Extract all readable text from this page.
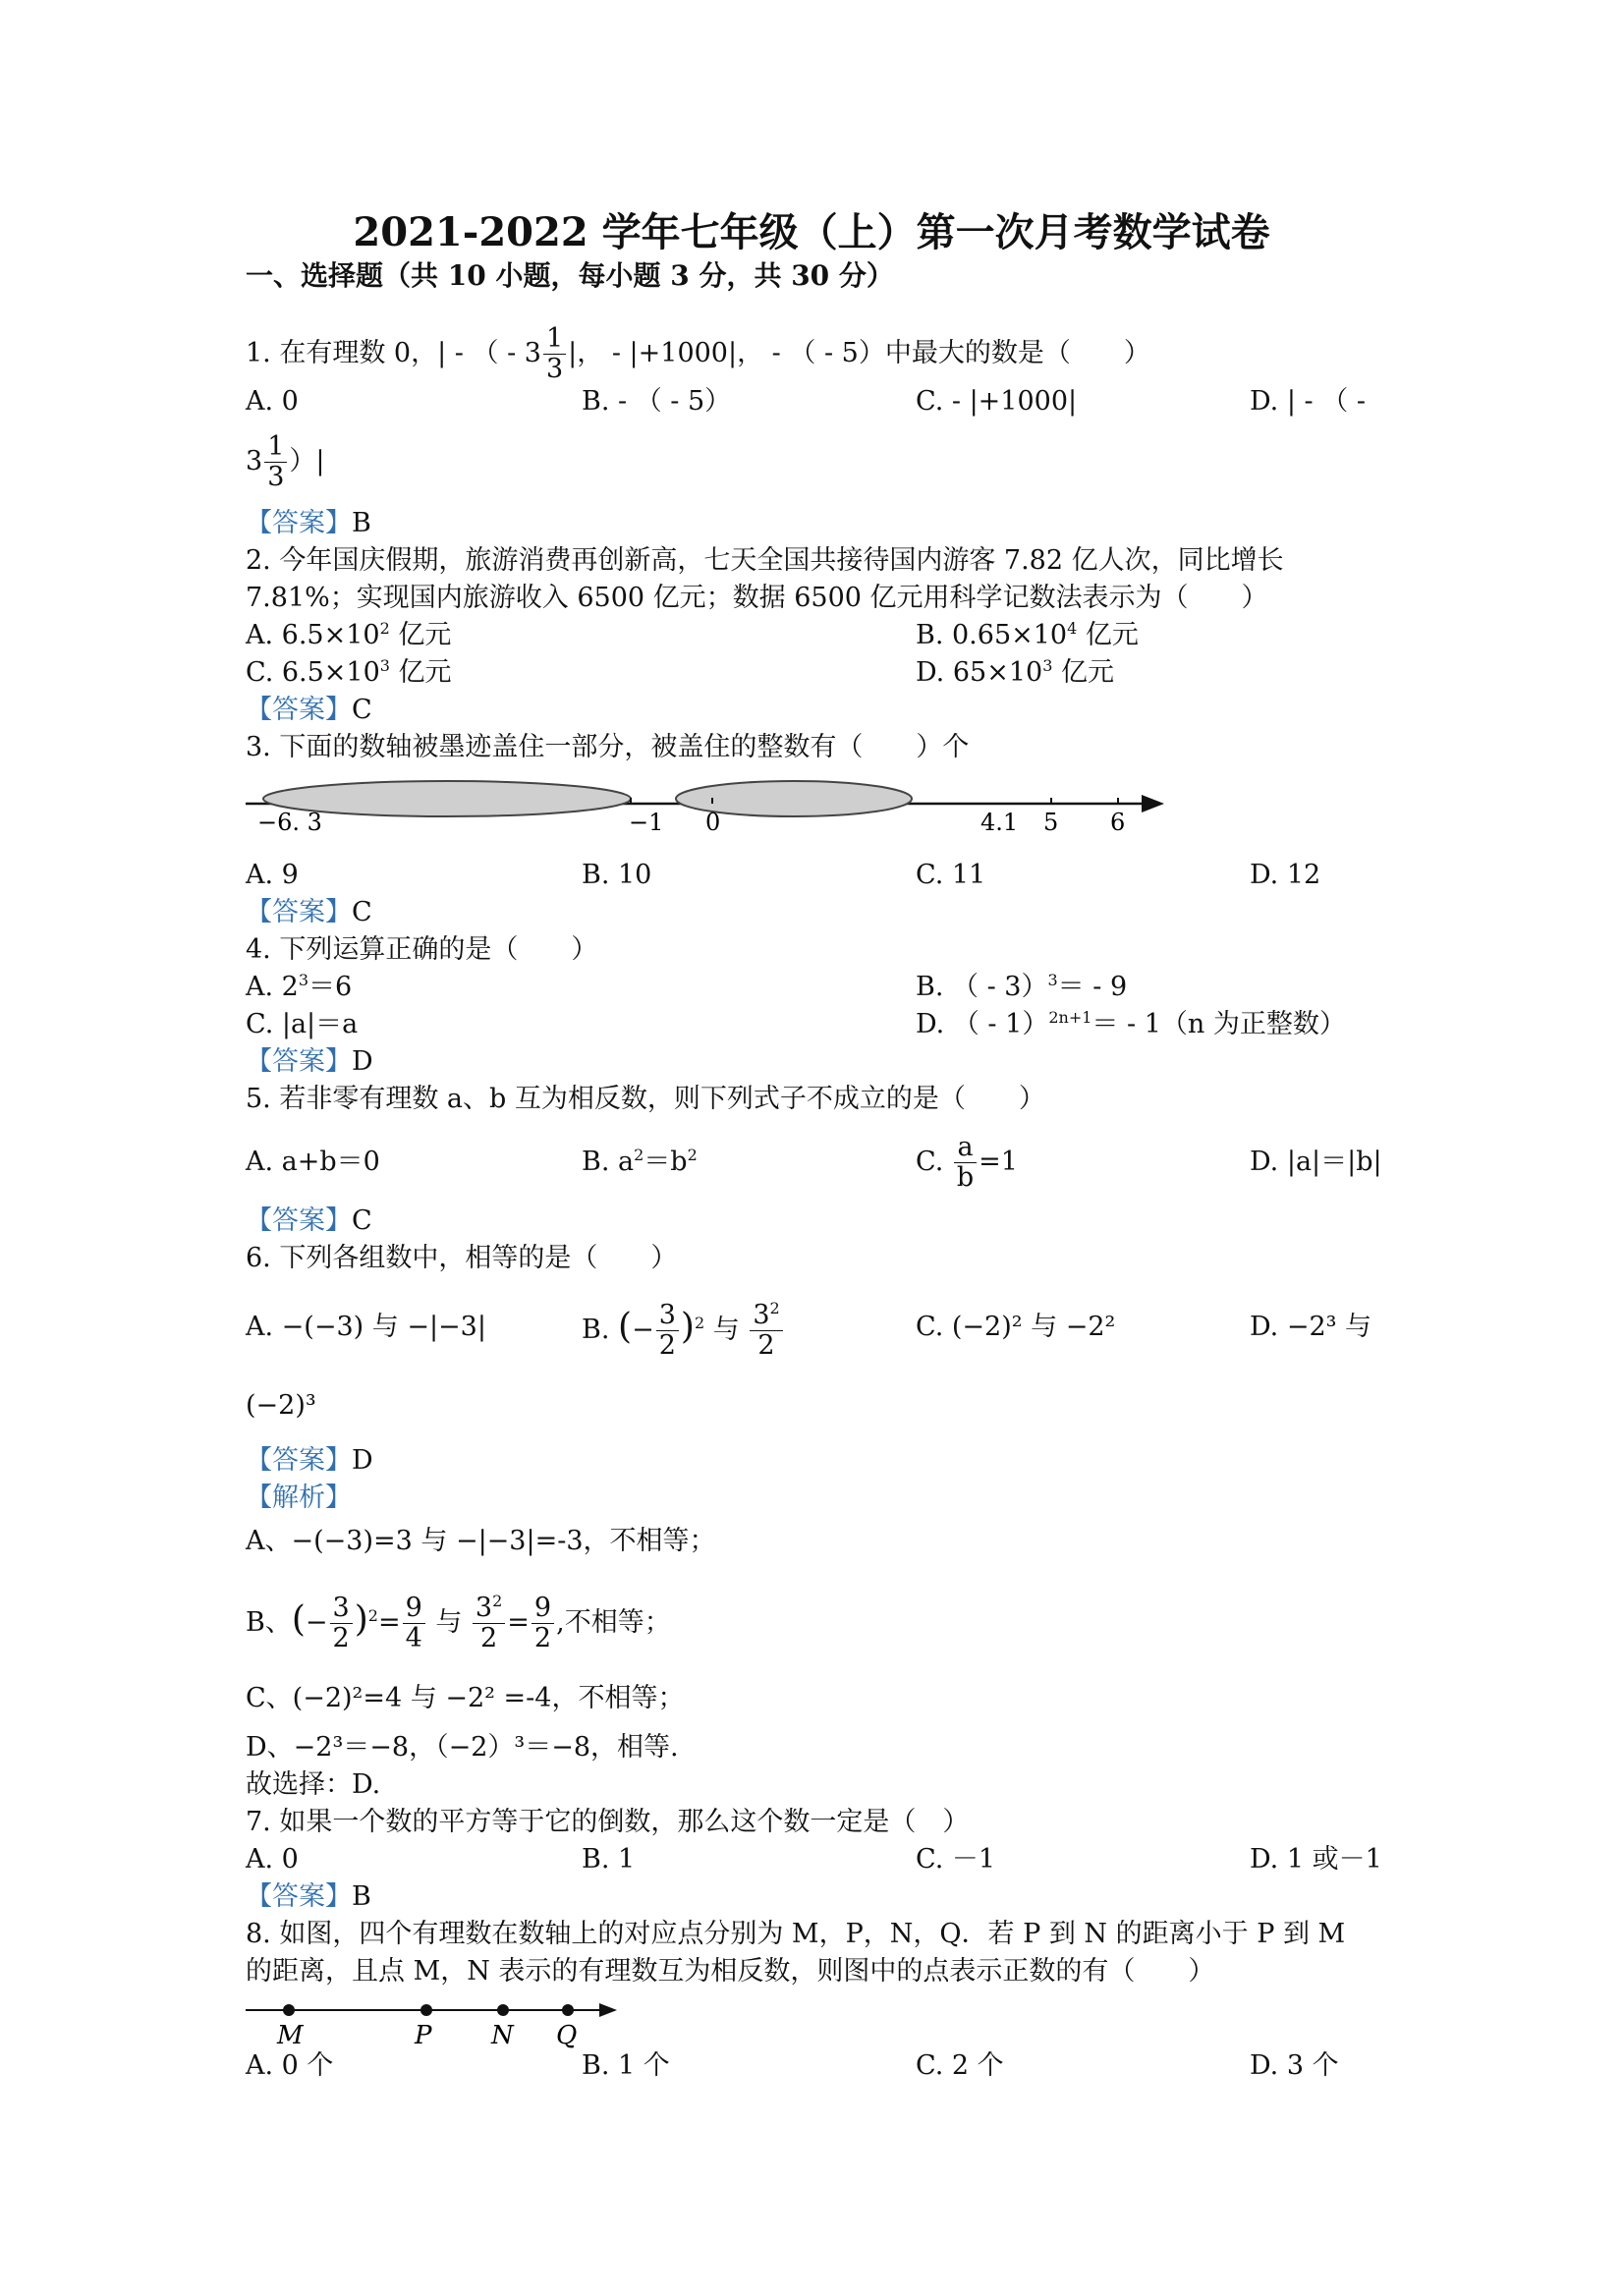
2021-2022 学年七年级（上）第一次月考数学试卷
一、选择题（共 10 小题，每小题 3 分，共 30 分）
1. 在有理数 0，| - （ - $3 \frac{1}{3}$ |， - |+1000|， - （ - 5）中最大的数是（　　）
A. 0	B. - （ - 5）	C. - |+1000|	D. | - （ -
$3 \frac{1}{3}$ ）|
【答案】B
2. 今年国庆假期，旅游消费再创新高，七天全国共接待国内游客 7.82 亿人次，同比增长
7.81%；实现国内旅游收入 6500 亿元；数据 6500 亿元用科学记数法表示为（　　）
A. $6.5\times 10^2$ 亿元	B. $0.65\times 10^4$ 亿元
C. $6.5\times 10^3$ 亿元	D. $65\times 10^3$ 亿元
【答案】C
3. 下面的数轴被墨迹盖住一部分，被盖住的整数有（　　）个
−6. 3	−1 0	4.1 5 6
A. 9	B. 10	C. 11	D. 12
【答案】C
4. 下列运算正确的是（　　）
A. $2^3=6$	B. （ - 3）$^3$＝ - 9
C. |a|＝a	D. （ - 1）$^{2n+1}$＝ - 1（n 为正整数）
【答案】D
5. 若非零有理数 a、b 互为相反数，则下列式子不成立的是（　　）
A. a+b＝0	B. $a^2=b^2$	C. $\frac{a}{b} =1$	D. |a|＝|b|
【答案】C
6. 下列各组数中，相等的是（　　）
A. −(−3) 与 −|−3|	B. (− $\frac{3}{2} )^2$ 与 $\frac{3^2}{2}$	C. (−2)² 与 −2²	D. −2³ 与
(−2)³
【答案】D
【解析】
A、−(−3)=3 与 −|−3|=-3，不相等；
B、(− $\frac{3}{2} )^2= \frac{9}{4}$ 与 $\frac{3^2}{2} = \frac{9}{2}$ ,不相等；
C、(−2)²=4 与 −2² =-4，不相等；
D、−2³＝−8，（−2）³＝−8，相等.
故选择：D.
7. 如果一个数的平方等于它的倒数，那么这个数一定是（　）
A. 0	B. 1	C. －1	D. 1 或－1
【答案】B
8. 如图，四个有理数在数轴上的对应点分别为 M，P，N，Q．若 P 到 N 的距离小于 P 到 M
的距离，且点 M，N 表示的有理数互为相反数，则图中的点表示正数的有（　　）
M	P N Q
A. 0 个	B. 1 个	C. 2 个	D. 3 个
